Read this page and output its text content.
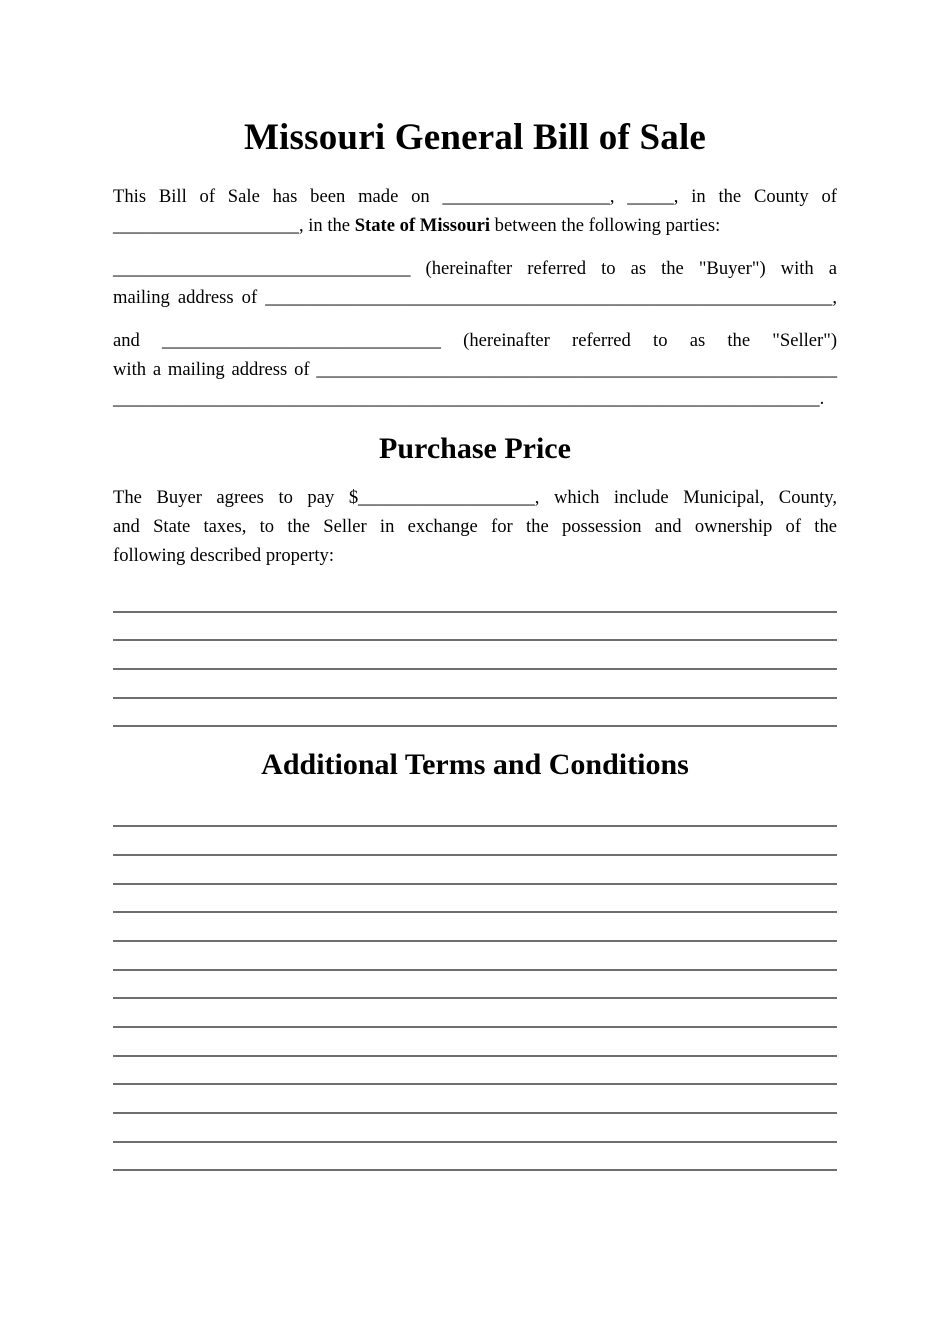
Missouri General Bill of Sale
This Bill of Sale has been made on __________________, _____, in the County of
____________________, in the State of Missouri between the following parties:
________________________________ (hereinafter referred to as the "Buyer") with a
mailing address of _____________________________________________________________,
and ______________________________ (hereinafter referred to as the "Seller")
with a mailing address of ________________________________________________________
____________________________________________________________________________.
Purchase Price
The Buyer agrees to pay $___________________, which include Municipal, County,
and State taxes, to the Seller in exchange for the possession and ownership of the
following described property:
Additional Terms and Conditions
